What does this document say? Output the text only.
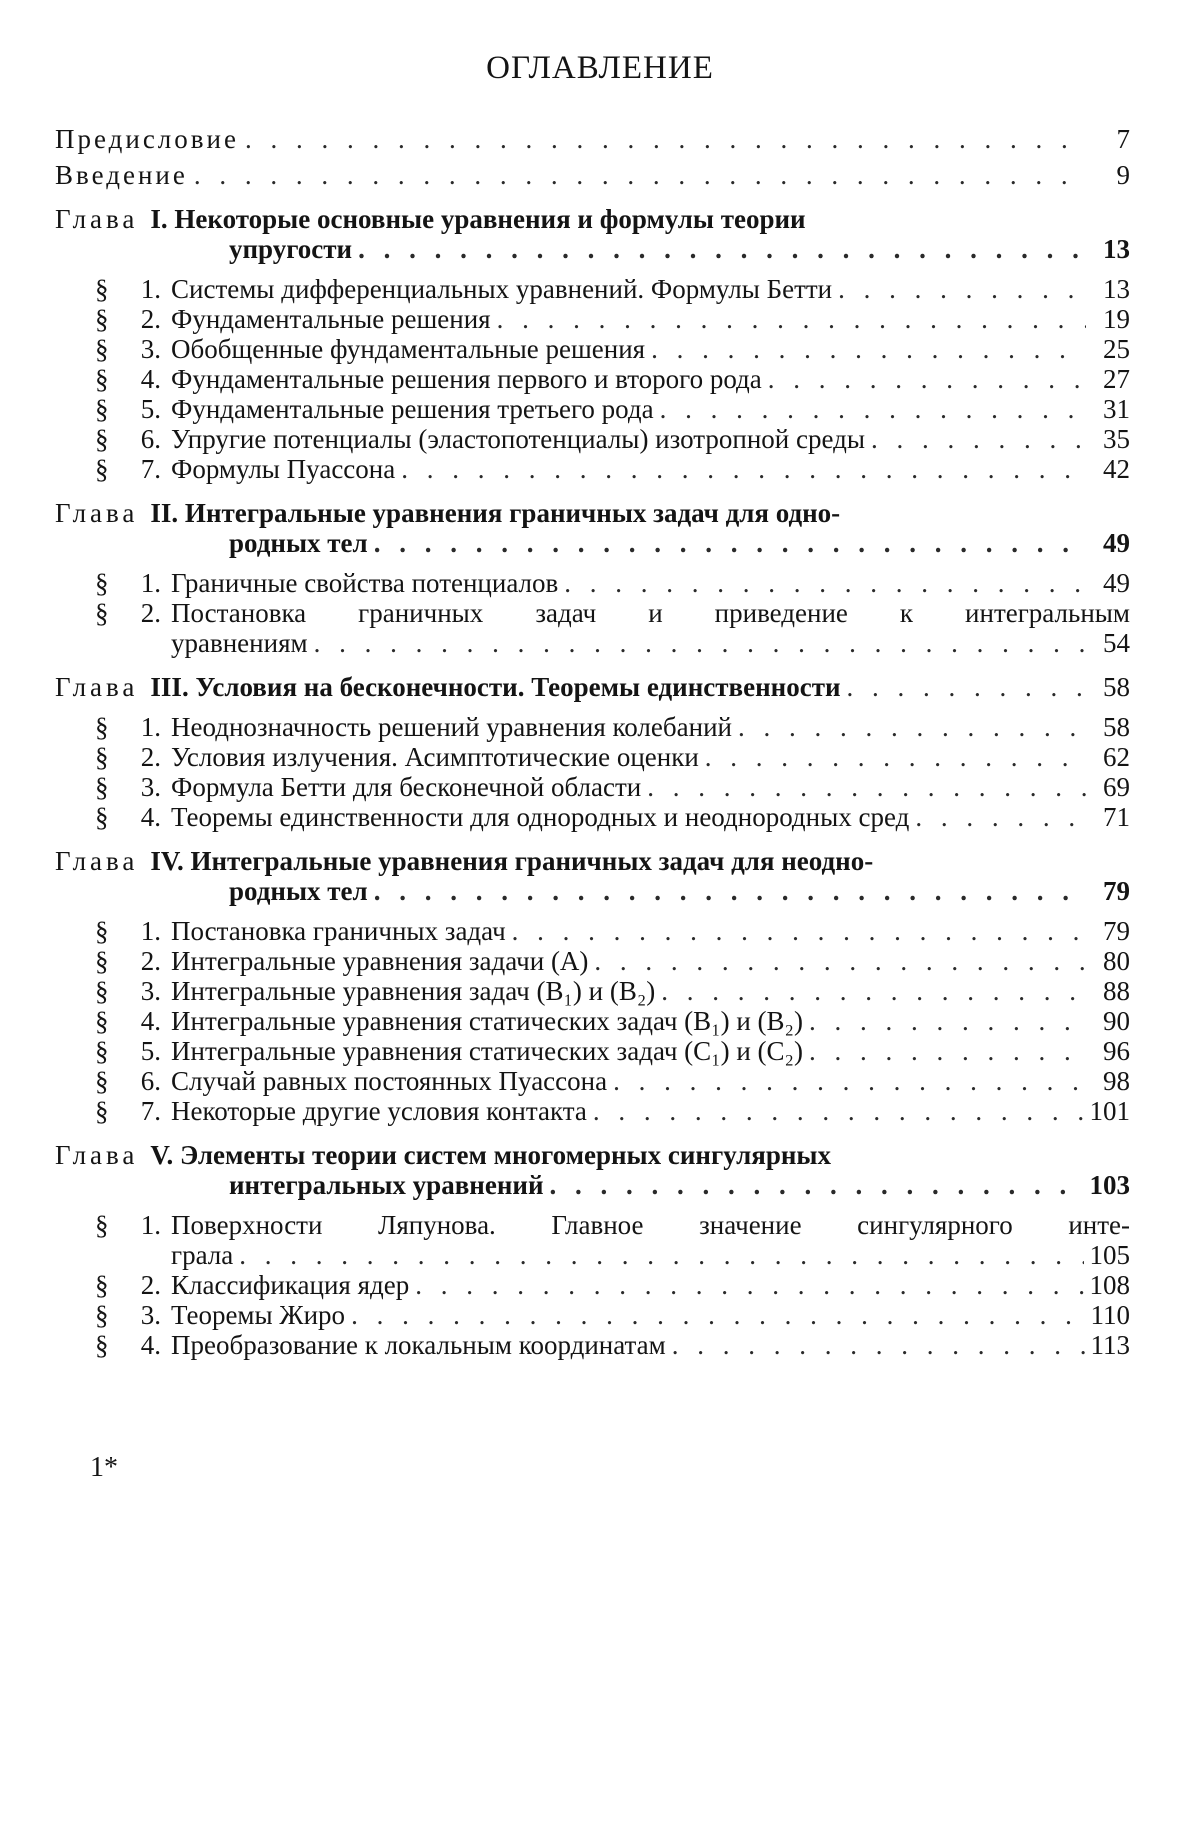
ОГЛАВЛЕНИЕ
Предисловие . . .	7
Введение . . .	9
Глава I. Некоторые основные уравнения и формулы теории
упругости . . .	13
§ 1. Системы дифференциальных уравнений. Формулы Бетти . . .	13
§ 2. Фундаментальные решения . . .	19
§ 3. Обобщенные фундаментальные решения . . .	25
§ 4. Фундаментальные решения первого и второго рода . . .	27
§ 5. Фундаментальные решения третьего рода . . .	31
§ 6. Упругие потенциалы (эластопотенциалы) изотропной среды . . .	35
§ 7. Формулы Пуассона . . .	42
Глава II. Интегральные уравнения граничных задач для одно-
родных тел . . .	49
§ 1. Граничные свойства потенциалов . . .	49
§	2. Постановка граничных задач и приведение к интегральным
уравнениям . . .	54
Глава III. Условия на бесконечности. Теоремы единственности . . .	58
§ 1. Неоднозначность решений уравнения колебаний . . .	58
§ 2. Условия излучения. Асимптотические оценки . . .	62
§ 3. Формула Бетти для бесконечной области . . .	69
§ 4. Теоремы единственности для однородных и неоднородных сред . . .	71
Глава IV. Интегральные уравнения граничных задач для неодно-
родных тел . . .	79
§ 1. Постановка граничных задач . . .	79
§ 2. Интегральные уравнения задачи (A) . . .	80
§ 3. Интегральные уравнения задач (B₁) и (B₂) . . .	88
§ 4. Интегральные уравнения статических задач (B₁) и (B₂) . . .	90
§ 5. Интегральные уравнения статических задач (C₁) и (C₂) . . .	96
§ 6. Случай равных постоянных Пуассона . . .	98
§ 7. Некоторые другие условия контакта . . .	101
Глава V. Элементы теории систем многомерных сингулярных
интегральных уравнений . . .	103
§	1. Поверхности Ляпунова. Главное значение сингулярного инте-
грала . . .	105
§ 2. Классификация ядер . . .	108
§ 3. Теоремы Жиро . . .	110
§ 4. Преобразование к локальным координатам . . .	113
1*
